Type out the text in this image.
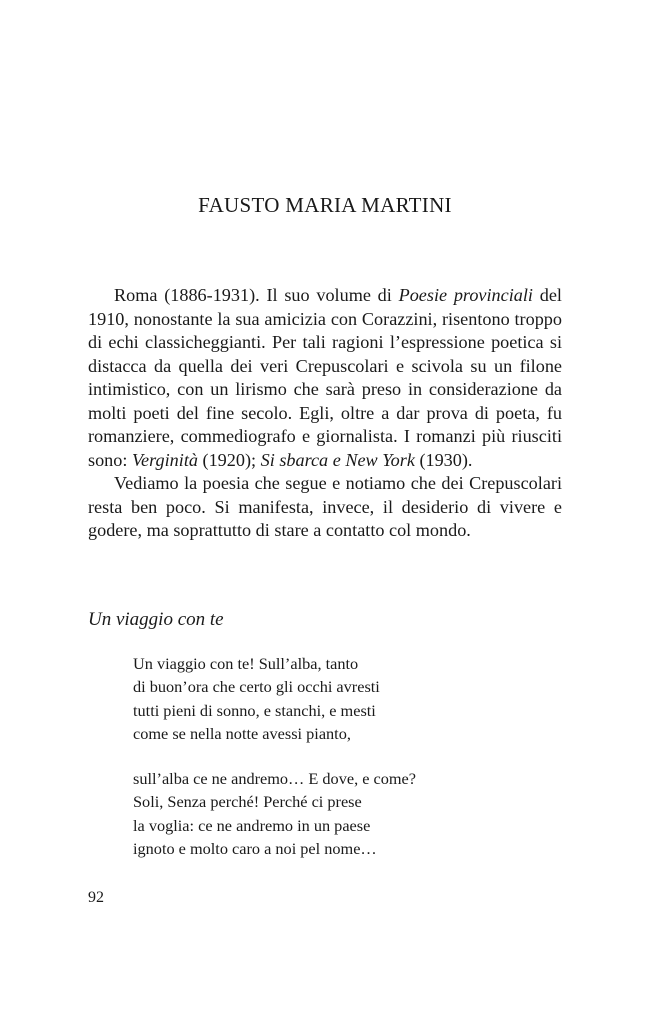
FAUSTO MARIA MARTINI

Roma (1886-1931). Il suo volume di Poesie provinciali del 1910, nonostante la sua amicizia con Corazzini, risentono troppo di echi classicheggianti. Per tali ragioni l’espressione poetica si distacca da quella dei veri Crepuscolari e scivola su un filone intimistico, con un lirismo che sarà preso in considerazione da molti poeti del fine secolo. Egli, oltre a dar prova di poeta, fu romanziere, commediografo e giornalista. I romanzi più riusciti sono: Verginità (1920); Si sbarca e New York (1930).

Vediamo la poesia che segue e notiamo che dei Crepuscolari resta ben poco. Si manifesta, invece, il desiderio di vivere e godere, ma soprattutto di stare a contatto col mondo.

Un viaggio con te
Un viaggio con te! Sull’alba, tanto
di buon’ora che certo gli occhi avresti
tutti pieni di sonno, e stanchi, e mesti
come se nella notte avessi pianto,
sull’alba ce ne andremo… E dove, e come?
Soli, Senza perché! Perché ci prese
la voglia: ce ne andremo in un paese
ignoto e molto caro a noi pel nome…
92
